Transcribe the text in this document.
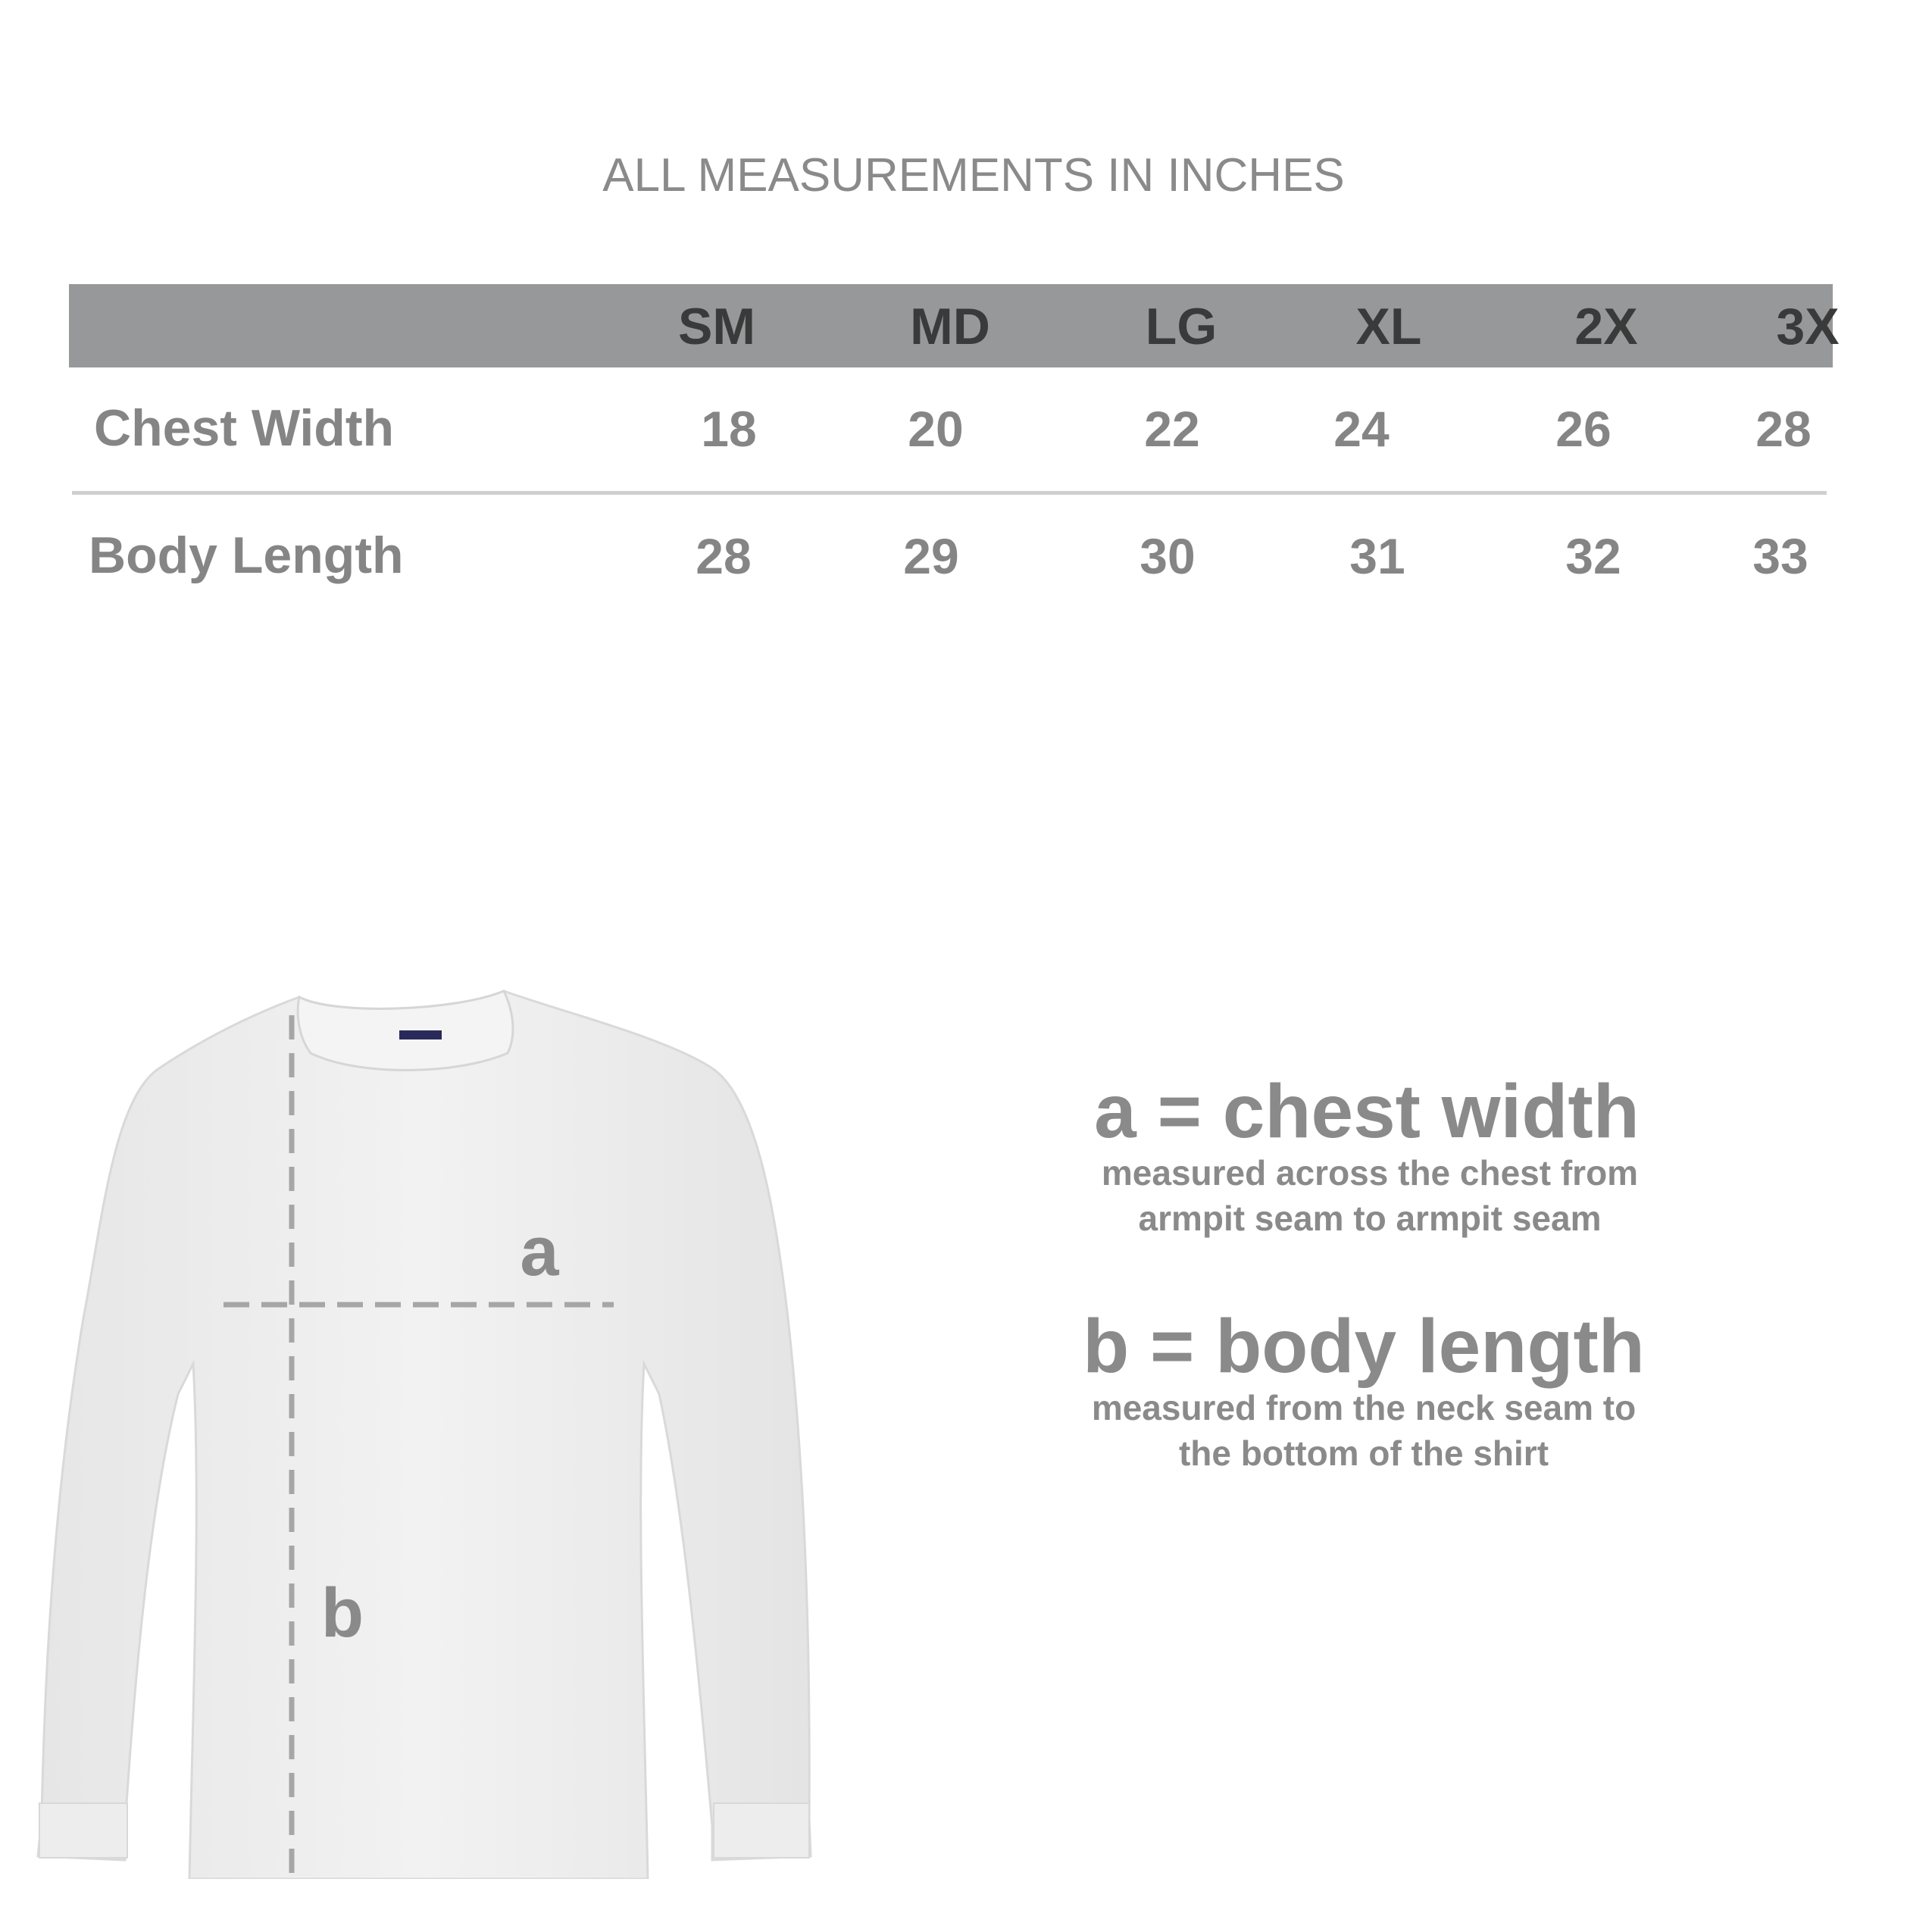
ALL MEASUREMENTS IN INCHES
SM	MD	LG	XL	2X	3X
Chest Width	18	20	22	24	26	28
Body Length	28	29	30	31	32	33
a
b
a = chest width
measured across the chest from
armpit seam to armpit seam
b = body length
measured from the neck seam to
the bottom of the shirt
